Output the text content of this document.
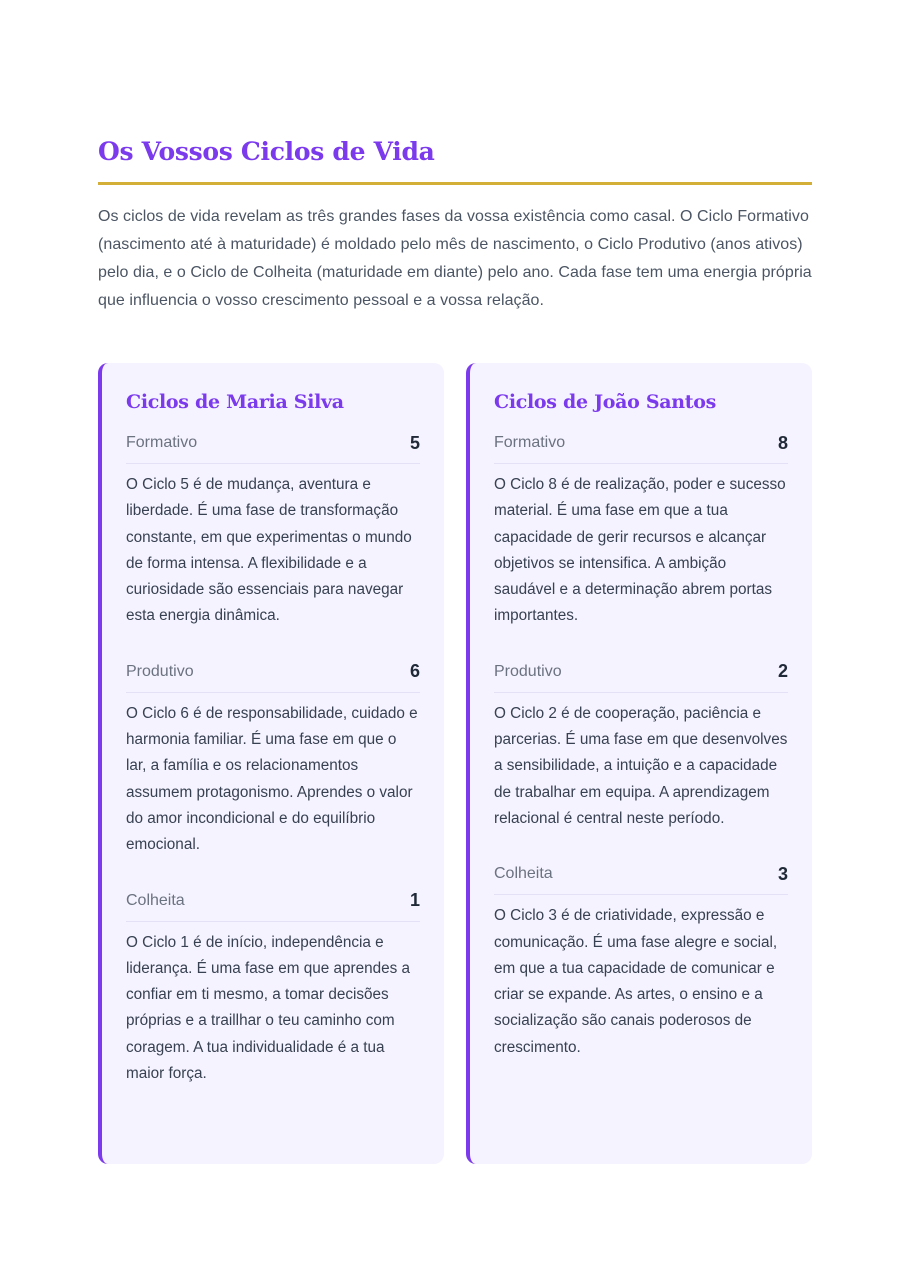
Os Vossos Ciclos de Vida

Os ciclos de vida revelam as três grandes fases da vossa existência como casal. O Ciclo Formativo (nascimento até à maturidade) é moldado pelo mês de nascimento, o Ciclo Produtivo (anos ativos) pelo dia, e o Ciclo de Colheita (maturidade em diante) pelo ano. Cada fase tem uma energia própria que influencia o vosso crescimento pessoal e a vossa relação.

Ciclos de Maria Silva
Formativo	5
O Ciclo 5 é de mudança, aventura e liberdade. É uma fase de transformação constante, em que experimentas o mundo de forma intensa. A flexibilidade e a curiosidade são essenciais para navegar esta energia dinâmica.
Produtivo	6
O Ciclo 6 é de responsabilidade, cuidado e harmonia familiar. É uma fase em que o lar, a família e os relacionamentos assumem protagonismo. Aprendes o valor do amor incondicional e do equilíbrio emocional.
Colheita	1
O Ciclo 1 é de início, independência e liderança. É uma fase em que aprendes a confiar em ti mesmo, a tomar decisões próprias e a traillhar o teu caminho com coragem. A tua individualidade é a tua maior força.
Ciclos de João Santos
Formativo	8
O Ciclo 8 é de realização, poder e sucesso material. É uma fase em que a tua capacidade de gerir recursos e alcançar objetivos se intensifica. A ambição saudável e a determinação abrem portas importantes.
Produtivo	2
O Ciclo 2 é de cooperação, paciência e parcerias. É uma fase em que desenvolves a sensibilidade, a intuição e a capacidade de trabalhar em equipa. A aprendizagem relacional é central neste período.
Colheita	3
O Ciclo 3 é de criatividade, expressão e comunicação. É uma fase alegre e social, em que a tua capacidade de comunicar e criar se expande. As artes, o ensino e a socialização são canais poderosos de crescimento.
